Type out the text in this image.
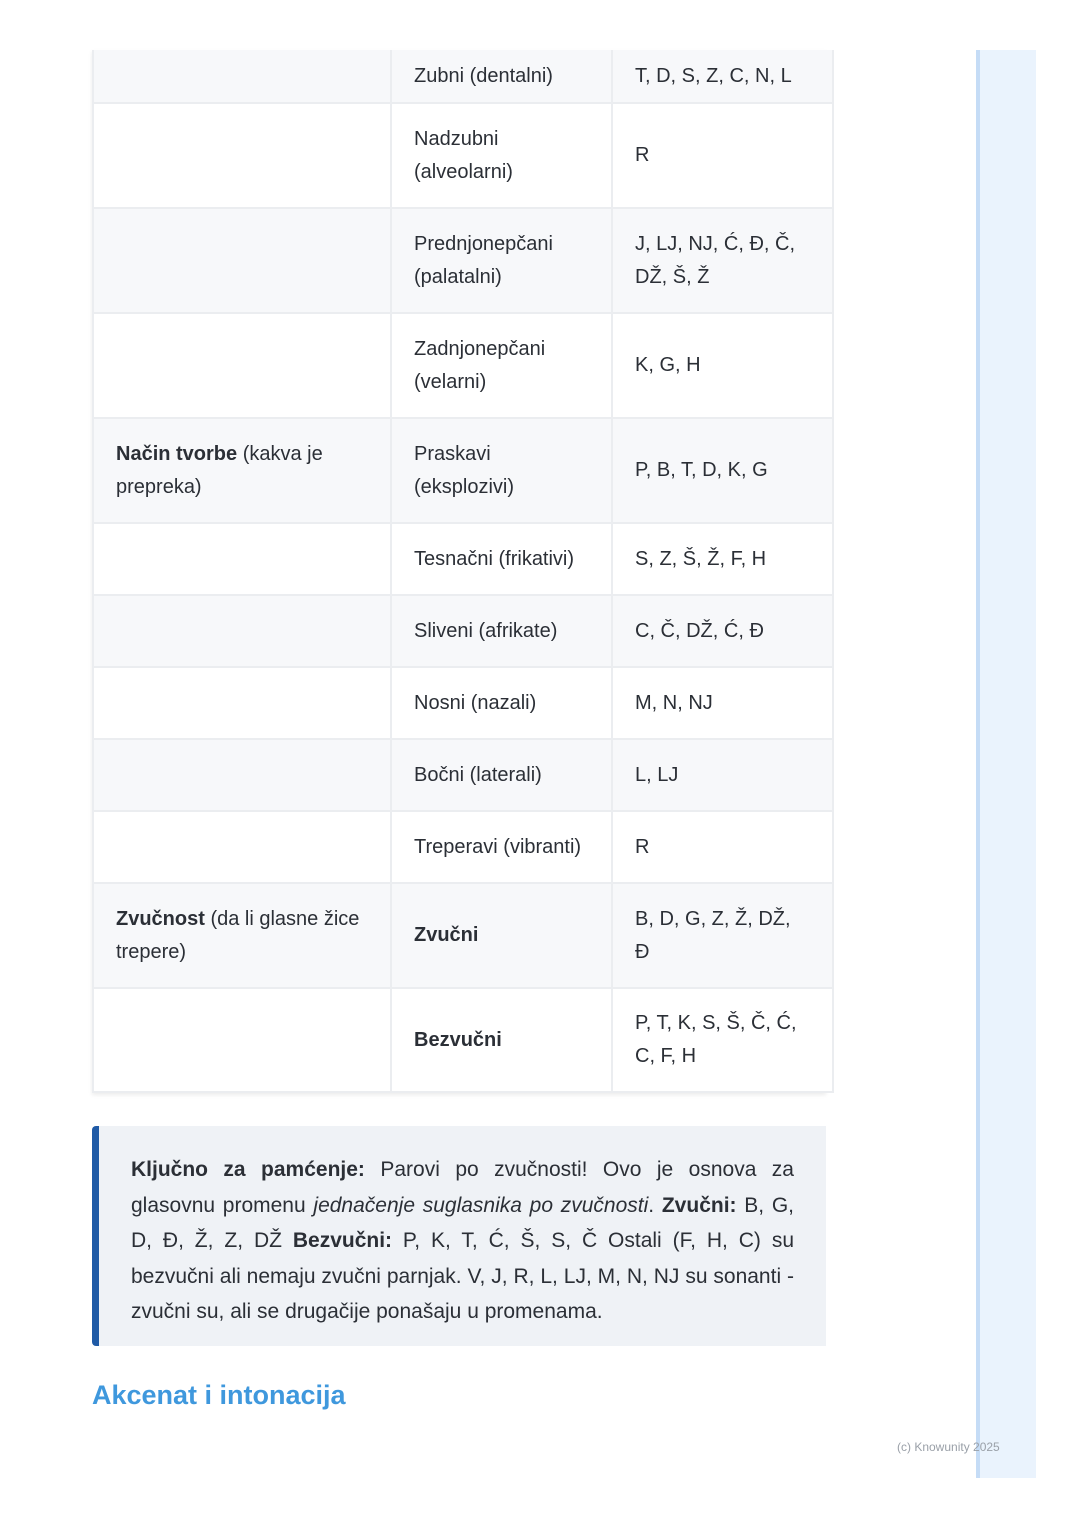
	Zubni (dentalni)	T, D, S, Z, C, N, L
	Nadzubni (alveolarni)	R
	Prednjonepčani (palatalni)	J, LJ, NJ, Ć, Đ, Č, DŽ, Š, Ž
	Zadnjonepčani (velarni)	K, G, H
Način tvorbe (kakva je prepreka)	Praskavi (eksplozivi)	P, B, T, D, K, G
	Tesnačni (frikativi)	S, Z, Š, Ž, F, H
	Sliveni (afrikate)	C, Č, DŽ, Ć, Đ
	Nosni (nazali)	M, N, NJ
	Bočni (laterali)	L, LJ
	Treperavi (vibranti)	R
Zvučnost (da li glasne žice trepere)	Zvučni	B, D, G, Z, Ž, DŽ, Đ
	Bezvučni	P, T, K, S, Š, Č, Ć, C, F, H
Ključno za pamćenje: Parovi po zvučnosti! Ovo je osnova za glasovnu promenu jednačenje suglasnika po zvučnosti. Zvučni: B, G, D, Đ, Ž, Z, DŽ Bezvučni: P, K, T, Ć, Š, S, Č Ostali (F, H, C) su bezvučni ali nemaju zvučni parnjak. V, J, R, L, LJ, M, N, NJ su sonanti - zvučni su, ali se drugačije ponašaju u promenama.
Akcenat i intonacija
(c) Knowunity 2025
